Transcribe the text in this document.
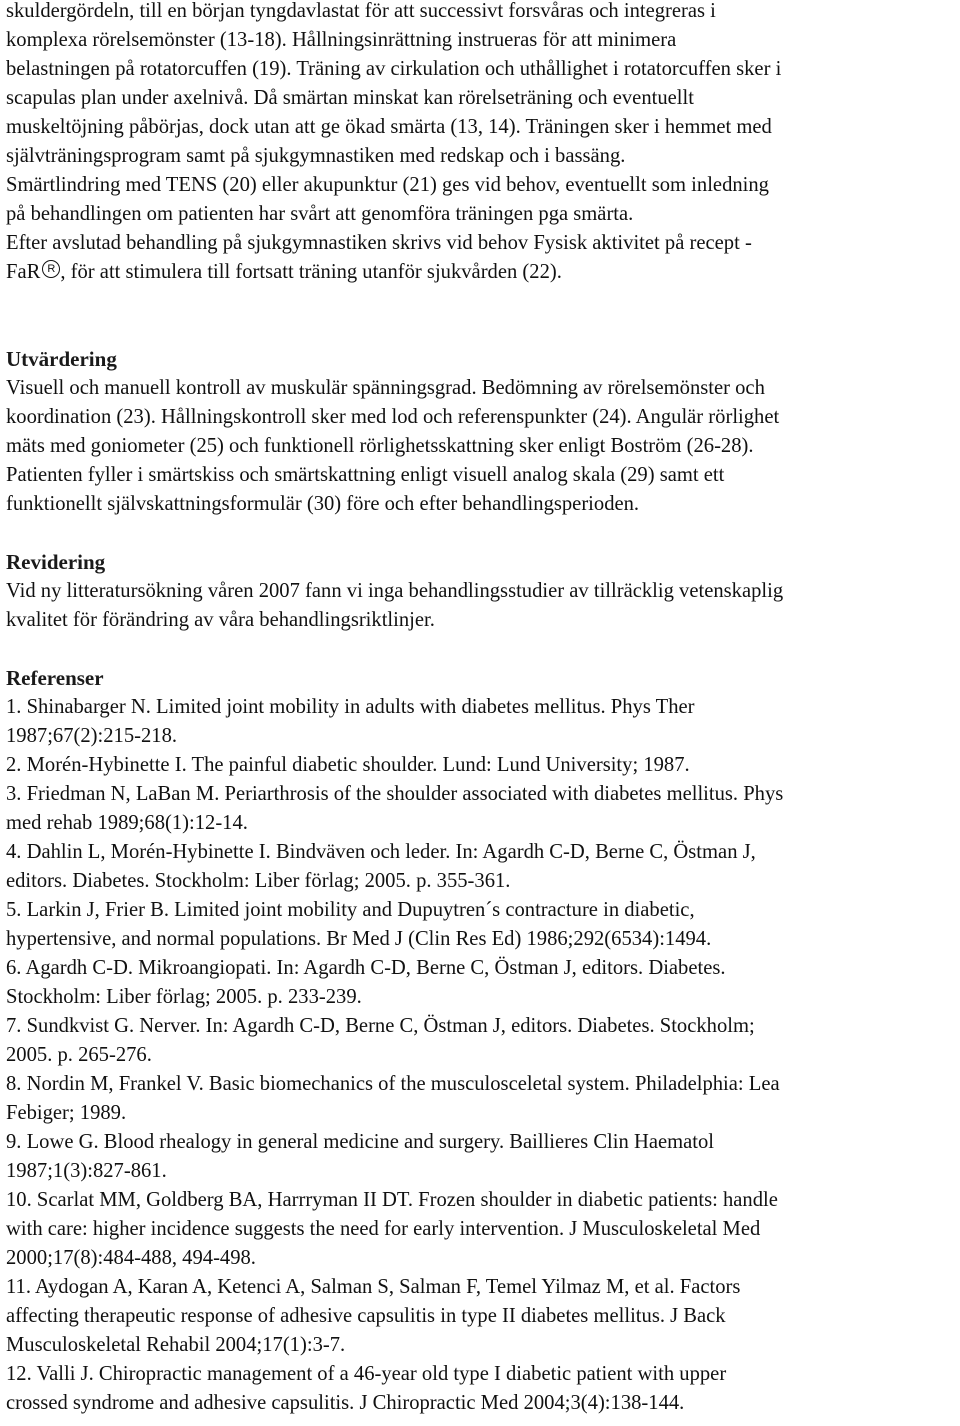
skuldergördeln, till en början tyngdavlastat för att successivt forsvåras och integreras i
komplexa rörelsemönster (13-18). Hållningsinrättning instrueras för att minimera
belastningen på rotatorcuffen (19). Träning av cirkulation och uthållighet i rotatorcuffen sker i
scapulas plan under axelnivå. Då smärtan minskat kan rörelseträning och eventuellt
muskeltöjning påbörjas, dock utan att ge ökad smärta (13, 14). Träningen sker i hemmet med
självträningsprogram samt på sjukgymnastiken med redskap och i bassäng.
Smärtlindring med TENS (20) eller akupunktur (21) ges vid behov, eventuellt som inledning
på behandlingen om patienten har svårt att genomföra träningen pga smärta.
Efter avslutad behandling på sjukgymnastiken skrivs vid behov Fysisk aktivitet på recept -
FaR R , för att stimulera till fortsatt träning utanför sjukvården (22).
Utvärdering
Visuell och manuell kontroll av muskulär spänningsgrad. Bedömning av rörelsemönster och
koordination (23). Hållningskontroll sker med lod och referenspunkter (24). Angulär rörlighet
mäts med goniometer (25) och funktionell rörlighetsskattning sker enligt Boström (26-28).
Patienten fyller i smärtskiss och smärtskattning enligt visuell analog skala (29) samt ett
funktionellt självskattningsformulär (30) före och efter behandlingsperioden.
Revidering
Vid ny litteratursökning våren 2007 fann vi inga behandlingsstudier av tillräcklig vetenskaplig
kvalitet för förändring av våra behandlingsriktlinjer.
Referenser
1. Shinabarger N. Limited joint mobility in adults with diabetes mellitus. Phys Ther
1987;67(2):215-218.
2. Morén-Hybinette I. The painful diabetic shoulder. Lund: Lund University; 1987.
3. Friedman N, LaBan M. Periarthrosis of the shoulder associated with diabetes mellitus. Phys
med rehab 1989;68(1):12-14.
4. Dahlin L, Morén-Hybinette I. Bindväven och leder. In: Agardh C-D, Berne C, Östman J,
editors. Diabetes. Stockholm: Liber förlag; 2005. p. 355-361.
5. Larkin J, Frier B. Limited joint mobility and Dupuytren´s contracture in diabetic,
hypertensive, and normal populations. Br Med J (Clin Res Ed) 1986;292(6534):1494.
6. Agardh C-D. Mikroangiopati. In: Agardh C-D, Berne C, Östman J, editors. Diabetes.
Stockholm: Liber förlag; 2005. p. 233-239.
7. Sundkvist G. Nerver. In: Agardh C-D, Berne C, Östman J, editors. Diabetes. Stockholm;
2005. p. 265-276.
8. Nordin M, Frankel V. Basic biomechanics of the musculosceletal system. Philadelphia: Lea
Febiger; 1989.
9. Lowe G. Blood rhealogy in general medicine and surgery. Baillieres Clin Haematol
1987;1(3):827-861.
10. Scarlat MM, Goldberg BA, Harrryman II DT. Frozen shoulder in diabetic patients: handle
with care: higher incidence suggests the need for early intervention. J Musculoskeletal Med
2000;17(8):484-488, 494-498.
11. Aydogan A, Karan A, Ketenci A, Salman S, Salman F, Temel Yilmaz M, et al. Factors
affecting therapeutic response of adhesive capsulitis in type II diabetes mellitus. J Back
Musculoskeletal Rehabil 2004;17(1):3-7.
12. Valli J. Chiropractic management of a 46-year old type I diabetic patient with upper
crossed syndrome and adhesive capsulitis. J Chiropractic Med 2004;3(4):138-144.
